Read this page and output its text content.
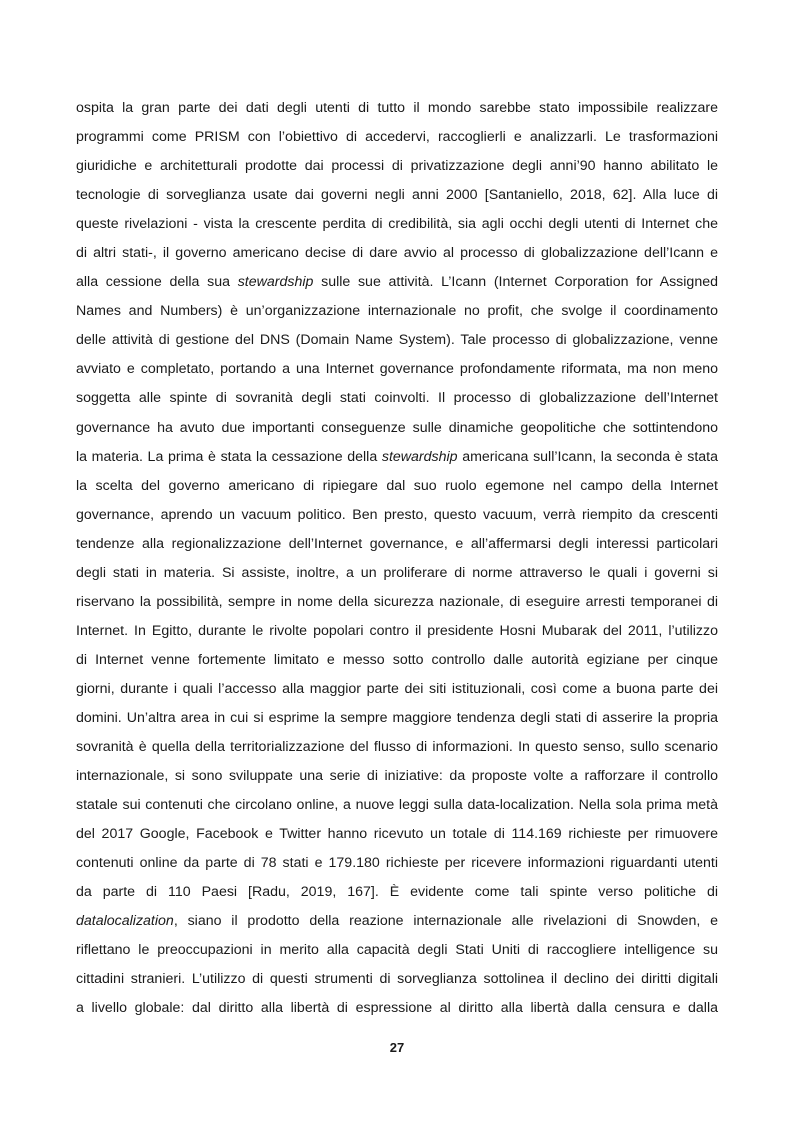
ospita la gran parte dei dati degli utenti di tutto il mondo sarebbe stato impossibile realizzare
programmi come PRISM con l’obiettivo di accedervi, raccoglierli e analizzarli. Le trasformazioni
giuridiche e architetturali prodotte dai processi di privatizzazione degli anni’90 hanno abilitato le
tecnologie di sorveglianza usate dai governi negli anni 2000 [Santaniello, 2018, 62]. Alla luce di
queste rivelazioni - vista la crescente perdita di credibilità, sia agli occhi degli utenti di Internet che
di altri stati-, il governo americano decise di dare avvio al processo di globalizzazione dell’Icann e
alla cessione della sua stewardship sulle sue attività. L’Icann (Internet Corporation for Assigned
Names and Numbers) è un’organizzazione internazionale no profit, che svolge il coordinamento
delle attività di gestione del DNS (Domain Name System). Tale processo di globalizzazione, venne
avviato e completato, portando a una Internet governance profondamente riformata, ma non meno
soggetta alle spinte di sovranità degli stati coinvolti. Il processo di globalizzazione dell’Internet
governance ha avuto due importanti conseguenze sulle dinamiche geopolitiche che sottintendono
la materia. La prima è stata la cessazione della stewardship americana sull’Icann, la seconda è stata
la scelta del governo americano di ripiegare dal suo ruolo egemone nel campo della Internet
governance, aprendo un vacuum politico. Ben presto, questo vacuum, verrà riempito da crescenti
tendenze alla regionalizzazione dell’Internet governance, e all’affermarsi degli interessi particolari
degli stati in materia. Si assiste, inoltre, a un proliferare di norme attraverso le quali i governi si
riservano la possibilità, sempre in nome della sicurezza nazionale, di eseguire arresti temporanei di
Internet. In Egitto, durante le rivolte popolari contro il presidente Hosni Mubarak del 2011, l’utilizzo
di Internet venne fortemente limitato e messo sotto controllo dalle autorità egiziane per cinque
giorni, durante i quali l’accesso alla maggior parte dei siti istituzionali, così come a buona parte dei
domini. Un’altra area in cui si esprime la sempre maggiore tendenza degli stati di asserire la propria
sovranità è quella della territorializzazione del flusso di informazioni. In questo senso, sullo scenario
internazionale, si sono sviluppate una serie di iniziative: da proposte volte a rafforzare il controllo
statale sui contenuti che circolano online, a nuove leggi sulla data-localization. Nella sola prima metà
del 2017 Google, Facebook e Twitter hanno ricevuto un totale di 114.169 richieste per rimuovere
contenuti online da parte di 78 stati e 179.180 richieste per ricevere informazioni riguardanti utenti
da parte di 110 Paesi [Radu, 2019, 167]. È evidente come tali spinte verso politiche di
datalocalization, siano il prodotto della reazione internazionale alle rivelazioni di Snowden, e
riflettano le preoccupazioni in merito alla capacità degli Stati Uniti di raccogliere intelligence su
cittadini stranieri. L’utilizzo di questi strumenti di sorveglianza sottolinea il declino dei diritti digitali
a livello globale: dal diritto alla libertà di espressione al diritto alla libertà dalla censura e dalla
27
